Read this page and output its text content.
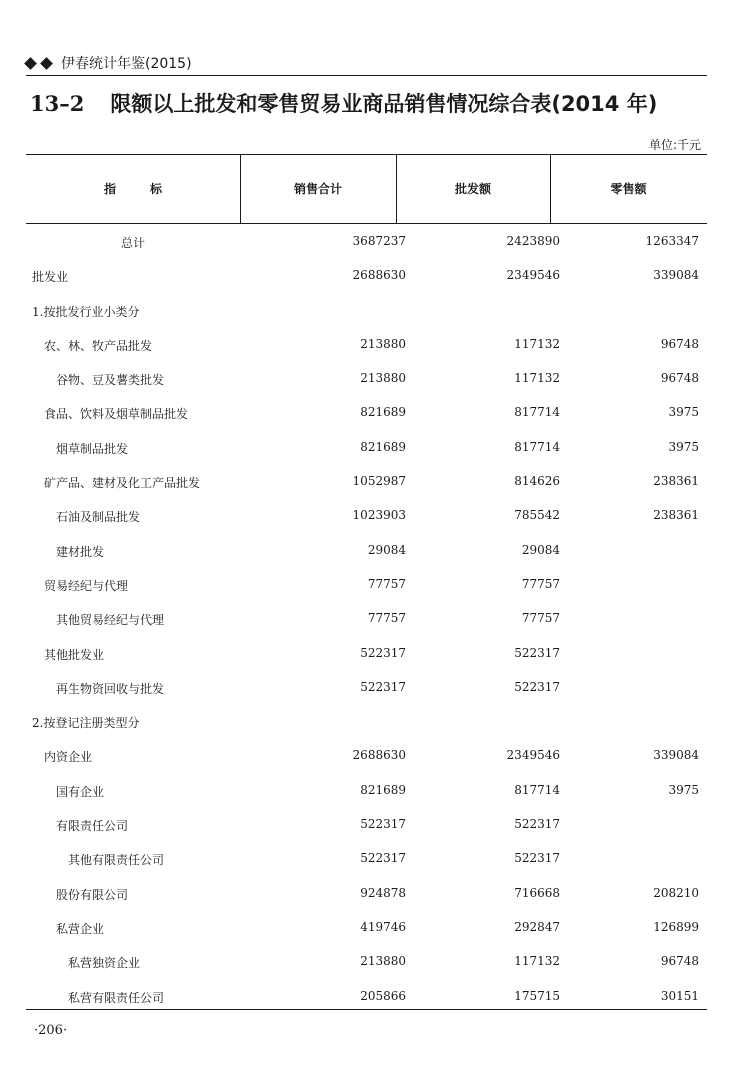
伊春统计年鉴(2015)
13–2 限额以上批发和零售贸易业商品销售情况综合表(2014 年)
单位:千元
指	标	销售合计	批发额	零售额
总计	3687237	2423890	1263347
批发业	2688630	2349546	339084
1.按批发行业小类分
农、林、牧产品批发	213880	117132	96748
谷物、豆及薯类批发	213880	117132	96748
食品、饮料及烟草制品批发	821689	817714	3975
烟草制品批发	821689	817714	3975
矿产品、建材及化工产品批发	1052987	814626	238361
石油及制品批发	1023903	785542	238361
建材批发	29084	29084
贸易经纪与代理	77757	77757
其他贸易经纪与代理	77757	77757
其他批发业	522317	522317
再生物资回收与批发	522317	522317
2.按登记注册类型分
内资企业	2688630	2349546	339084
国有企业	821689	817714	3975
有限责任公司	522317	522317
其他有限责任公司	522317	522317
股份有限公司	924878	716668	208210
私营企业	419746	292847	126899
私营独资企业	213880	117132	96748
私营有限责任公司	205866	175715	30151
·206·
